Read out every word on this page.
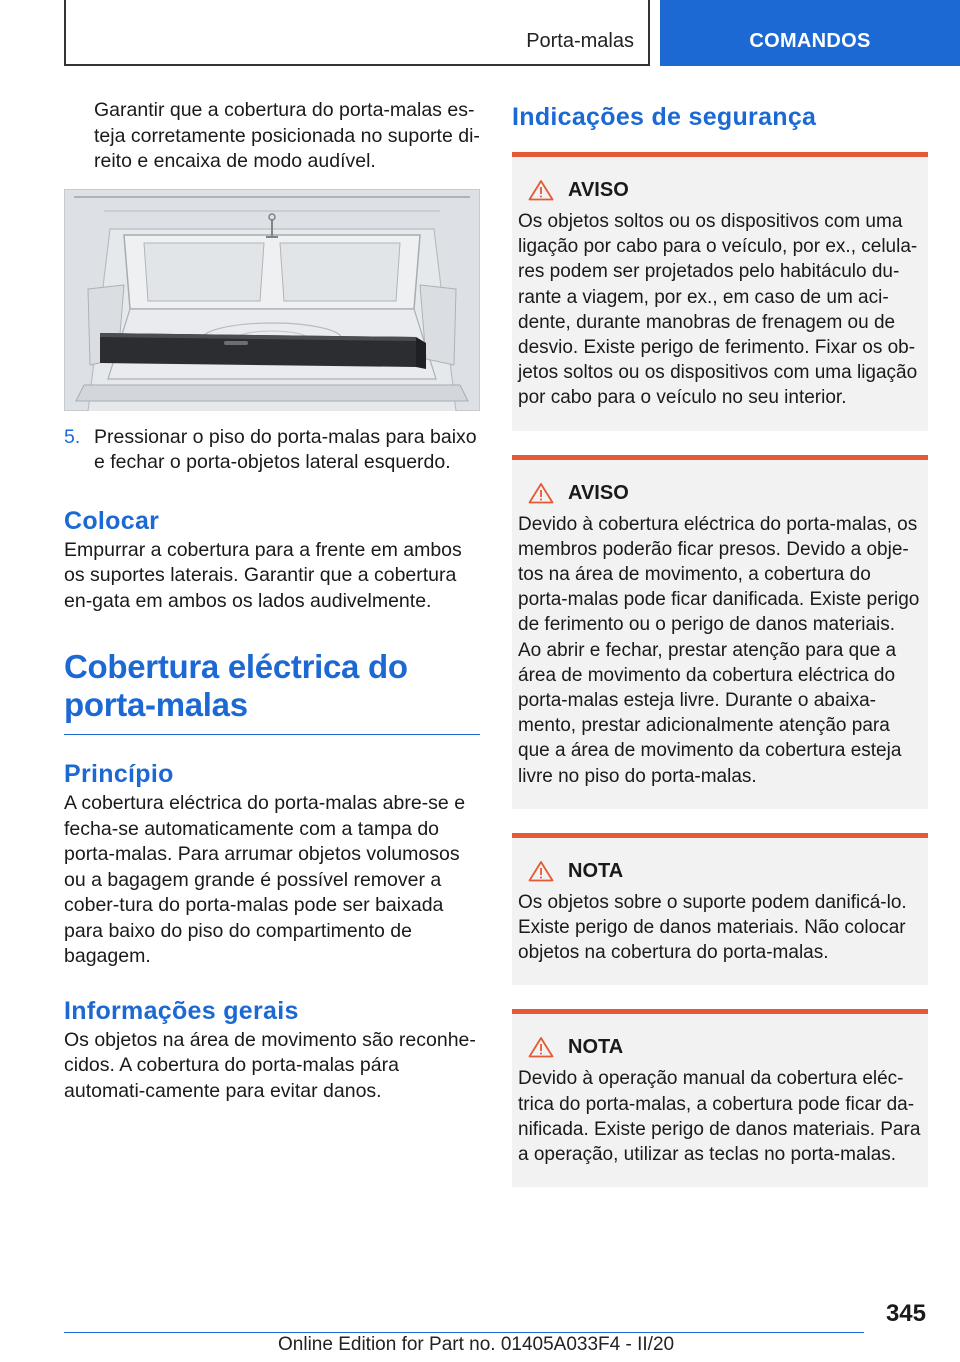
Porta-malas	COMANDOS

Garantir que a cobertura do porta-malas es-teja corretamente posicionada no suporte di-reito e encaixa de modo audível.

5. Pressionar o piso do porta-malas para baixo e fechar o porta-objetos lateral esquerdo.

Colocar

Empurrar a cobertura para a frente em ambos os suportes laterais. Garantir que a cobertura en-gata em ambos os lados audivelmente.

Cobertura eléctrica do porta-malas
Princípio

A cobertura eléctrica do porta-malas abre-se e fecha-se automaticamente com a tampa do porta-malas. Para arrumar objetos volumosos ou a bagagem grande é possível remover a cober-tura do porta-malas pode ser baixada para baixo do piso do compartimento de bagagem.

Informações gerais

Os objetos na área de movimento são reconhe-cidos. A cobertura do porta-malas pára automati-camente para evitar danos.

Indicações de segurança
AVISO

Os objetos soltos ou os dispositivos com uma ligação por cabo para o veículo, por ex., celula-res podem ser projetados pelo habitáculo du-rante a viagem, por ex., em caso de um aci-dente, durante manobras de frenagem ou de desvio. Existe perigo de ferimento. Fixar os ob-jetos soltos ou os dispositivos com uma ligação por cabo para o veículo no seu interior.

AVISO

Devido à cobertura eléctrica do porta-malas, os membros poderão ficar presos. Devido a obje-tos na área de movimento, a cobertura do porta-malas pode ficar danificada. Existe perigo de ferimento ou o perigo de danos materiais. Ao abrir e fechar, prestar atenção para que a área de movimento da cobertura eléctrica do porta-malas esteja livre. Durante o abaixa-mento, prestar adicionalmente atenção para que a área de movimento da cobertura esteja livre no piso do porta-malas.

NOTA

Os objetos sobre o suporte podem danificá-lo. Existe perigo de danos materiais. Não colocar objetos na cobertura do porta-malas.

NOTA

Devido à operação manual da cobertura eléc-trica do porta-malas, a cobertura pode ficar da-nificada. Existe perigo de danos materiais. Para a operação, utilizar as teclas no porta-malas.

345
Online Edition for Part no. 01405A033F4 - II/20
